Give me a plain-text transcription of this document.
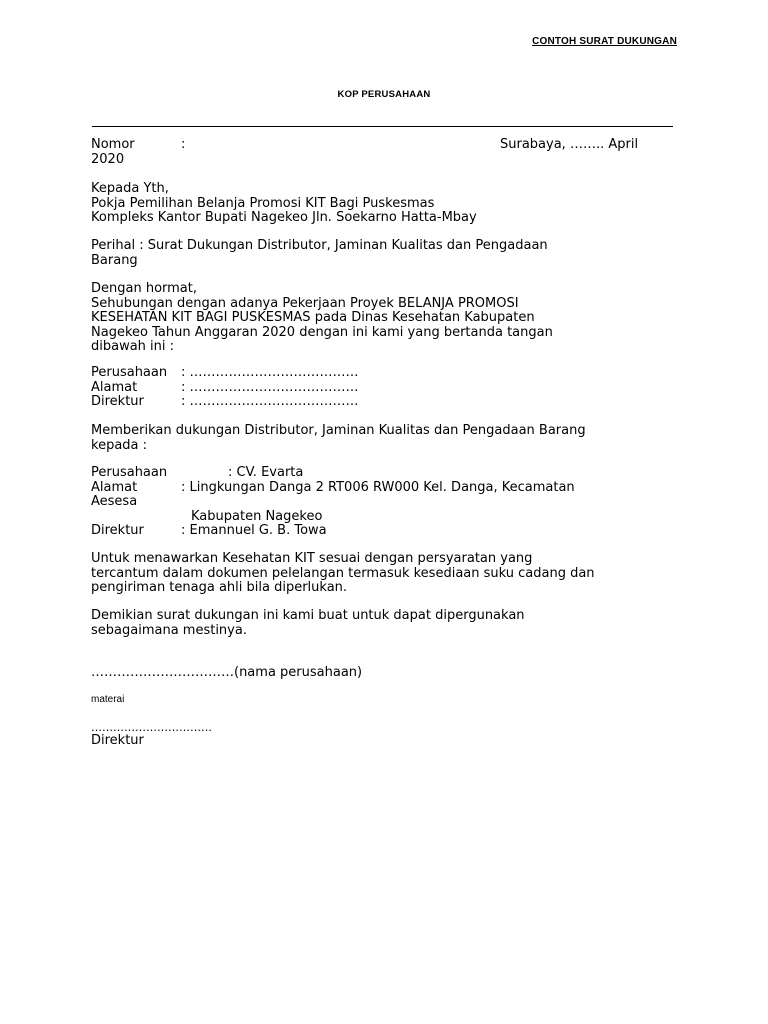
CONTOH SURAT DUKUNGAN
KOP PERUSAHAAN
Nomor	:	Surabaya, …….. April
2020
Kepada Yth,
Pokja Pemilihan Belanja Promosi KIT Bagi Puskesmas
Kompleks Kantor Bupati Nagekeo Jln. Soekarno Hatta-Mbay
Perihal : Surat Dukungan Distributor, Jaminan Kualitas dan Pengadaan
Barang
Dengan hormat,
Sehubungan dengan adanya Pekerjaan Proyek BELANJA PROMOSI
KESEHATAN KIT BAGI PUSKESMAS pada Dinas Kesehatan Kabupaten
Nagekeo Tahun Anggaran 2020 dengan ini kami yang bertanda tangan
dibawah ini :
Perusahaan : …………………………………
Alamat	: …………………………………
Direktur	: …………………………………
Memberikan dukungan Distributor, Jaminan Kualitas dan Pengadaan Barang
kepada :
Perusahaan	: CV. Evarta
Alamat	: Lingkungan Danga 2 RT006 RW000 Kel. Danga, Kecamatan
Aesesa
Kabupaten Nagekeo
Direktur	: Emannuel G. B. Towa
Untuk menawarkan Kesehatan KIT sesuai dengan persyaratan yang
tercantum dalam dokumen pelelangan termasuk kesediaan suku cadang dan
pengiriman tenaga ahli bila diperlukan.
Demikian surat dukungan ini kami buat untuk dapat dipergunakan
sebagaimana mestinya.
……………………………(nama perusahaan)
materai
……………………………
Direktur
